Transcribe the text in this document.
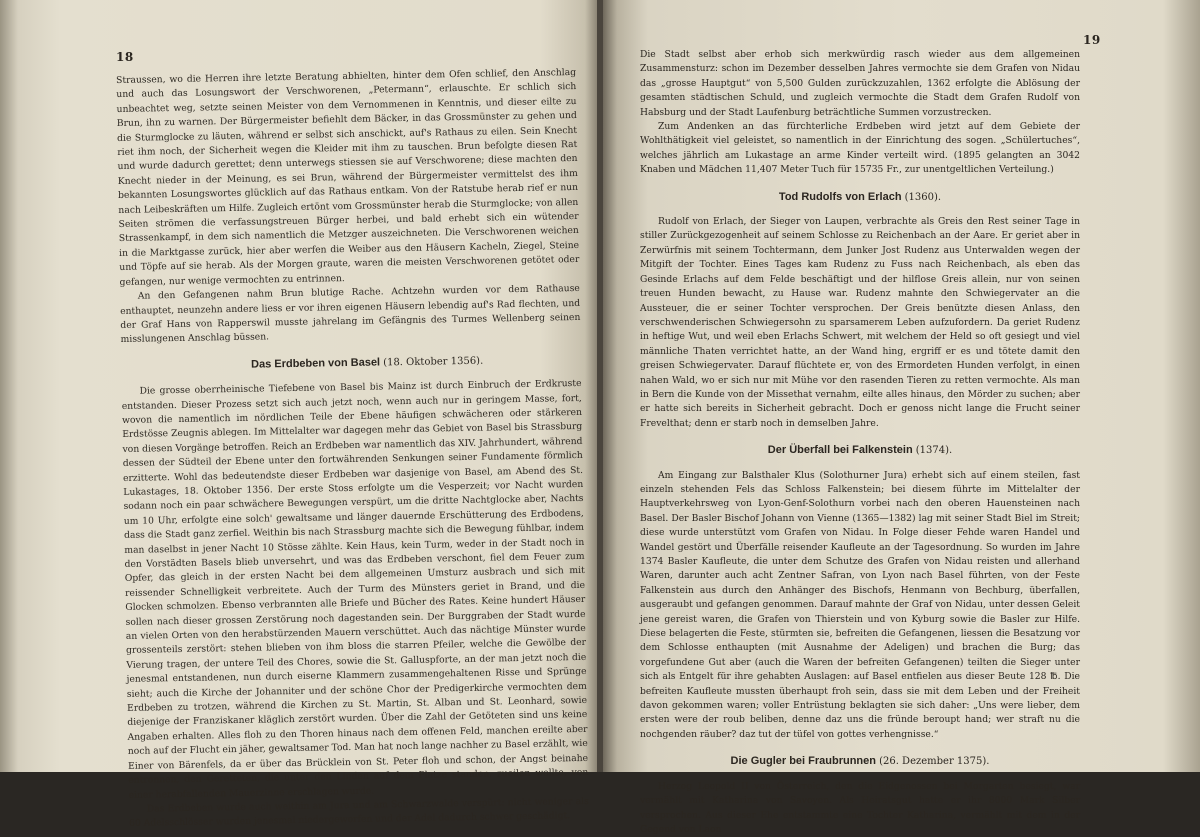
18

Straussen, wo die Herren ihre letzte Beratung abhielten, hinter dem Ofen schlief, den Anschlag und auch das Losungswort der Verschworenen, „Petermann“, erlauschte. Er schlich sich unbeachtet weg, setzte seinen Meister von dem Vernommenen in Kenntnis, und dieser eilte zu Brun, ihn zu warnen. Der Bürgermeister befiehlt dem Bäcker, in das Grossmünster zu gehen und die Sturmglocke zu läuten, während er selbst sich anschickt, auf's Rathaus zu eilen. Sein Knecht riet ihm noch, der Sicherheit wegen die Kleider mit ihm zu tauschen. Brun befolgte diesen Rat und wurde dadurch gerettet; denn unterwegs stiessen sie auf Verschworene; diese machten den Knecht nieder in der Meinung, es sei Brun, während der Bürgermeister vermittelst des ihm bekannten Losungswortes glücklich auf das Rathaus entkam. Von der Ratstube herab rief er nun nach Leibeskräften um Hilfe. Zugleich ertönt vom Grossmünster herab die Sturmglocke; von allen Seiten strömen die verfassungstreuen Bürger herbei, und bald erhebt sich ein wütender Strassenkampf, in dem sich namentlich die Metzger auszeichneten. Die Verschworenen weichen in die Marktgasse zurück, hier aber werfen die Weiber aus den Häusern Kacheln, Ziegel, Steine und Töpfe auf sie herab. Als der Morgen graute, waren die meisten Verschworenen getötet oder gefangen, nur wenige vermochten zu entrinnen.

An den Gefangenen nahm Brun blutige Rache. Achtzehn wurden vor dem Rathause enthauptet, neunzehn andere liess er vor ihren eigenen Häusern lebendig auf's Rad flechten, und der Graf Hans von Rapperswil musste jahrelang im Gefängnis des Turmes Wellenberg seinen misslungenen Anschlag büssen.

Das Erdbeben von Basel (18. Oktober 1356).

Die grosse oberrheinische Tiefebene von Basel bis Mainz ist durch Einbruch der Erdkruste entstanden. Dieser Prozess setzt sich auch jetzt noch, wenn auch nur in geringem Masse, fort, wovon die namentlich im nördlichen Teile der Ebene häufigen schwächeren oder stärkeren Erdstösse Zeugnis ablegen. Im Mittelalter war dagegen mehr das Gebiet von Basel bis Strassburg von diesen Vorgänge betroffen. Reich an Erdbeben war namentlich das XIV. Jahrhundert, während dessen der Südteil der Ebene unter den fortwährenden Senkungen seiner Fundamente förmlich erzitterte. Wohl das bedeutendste dieser Erdbeben war dasjenige von Basel, am Abend des St. Lukastages, 18. Oktober 1356. Der erste Stoss erfolgte um die Vesperzeit; vor Nacht wurden sodann noch ein paar schwächere Bewegungen verspürt, um die dritte Nachtglocke aber, Nachts um 10 Uhr, erfolgte eine solch' gewaltsame und länger dauernde Erschütterung des Erdbodens, dass die Stadt ganz zerfiel. Weithin bis nach Strassburg machte sich die Bewegung fühlbar, indem man daselbst in jener Nacht 10 Stösse zählte. Kein Haus, kein Turm, weder in der Stadt noch in den Vorstädten Basels blieb unversehrt, und was das Erdbeben verschont, fiel dem Feuer zum Opfer, das gleich in der ersten Nacht bei dem allgemeinen Umsturz ausbrach und sich mit reissender Schnelligkeit verbreitete. Auch der Turm des Münsters geriet in Brand, und die Glocken schmolzen. Ebenso verbrannten alle Briefe und Bücher des Rates. Keine hundert Häuser sollen nach dieser grossen Zerstörung noch dagestanden sein. Der Burggraben der Stadt wurde an vielen Orten von den herabstürzenden Mauern verschüttet. Auch das nächtige Münster wurde grossenteils zerstört: stehen blieben von ihm bloss die starren Pfeiler, welche die Gewölbe der Vierung tragen, der untere Teil des Chores, sowie die St. Galluspforte, an der man jetzt noch die jenesmal entstandenen, nun durch eiserne Klammern zusammengehaltenen Risse und Sprünge sieht; auch die Kirche der Johanniter und der schöne Chor der Predigerkirche vermochten dem Erdbeben zu trotzen, während die Kirchen zu St. Martin, St. Alban und St. Leonhard, sowie diejenige der Franziskaner kläglich zerstört wurden. Über die Zahl der Getöteten sind uns keine Angaben erhalten. Alles floh zu den Thoren hinaus nach dem offenen Feld, manchen ereilte aber noch auf der Flucht ein jäher, gewaltsamer Tod. Man hat noch lange nachher zu Basel erzählt, wie Einer von Bärenfels, da er über das Brücklein von St. Peter floh und schon, der Angst beinahe entronnen, den Geretteten, die unter den Linden auf dem Platze standen, zueilen wollte, von einer herabfallenden Mauerzinne erschlagen wurde.

Das Erdbeben wurde auch weithin am Jura und am Schwarzwalde verspürt: nicht weniger als 60 Adelsschlösser wurden jenesmal niedergeworfen und der Adel dadurch schwer geschädigt.

19

Die Stadt selbst aber erhob sich merkwürdig rasch wieder aus dem allgemeinen Zusammensturz: schon im Dezember desselben Jahres vermochte sie dem Grafen von Nidau das „grosse Hauptgut“ von 5,500 Gulden zurückzuzahlen, 1362 erfolgte die Ablösung der gesamten städtischen Schuld, und zugleich vermochte die Stadt dem Grafen Rudolf von Habsburg und der Stadt Laufenburg beträchtliche Summen vorzustrecken.

Zum Andenken an das fürchterliche Erdbeben wird jetzt auf dem Gebiete der Wohlthätigkeit viel geleistet, so namentlich in der Einrichtung des sogen. „Schülertuches“, welches jährlich am Lukastage an arme Kinder verteilt wird. (1895 gelangten an 3042 Knaben und Mädchen 11,407 Meter Tuch für 15735 Fr., zur unentgeltlichen Verteilung.)

Tod Rudolfs von Erlach (1360).

Rudolf von Erlach, der Sieger von Laupen, verbrachte als Greis den Rest seiner Tage in stiller Zurückgezogenheit auf seinem Schlosse zu Reichenbach an der Aare. Er geriet aber in Zerwürfnis mit seinem Tochtermann, dem Junker Jost Rudenz aus Unterwalden wegen der Mitgift der Tochter. Eines Tages kam Rudenz zu Fuss nach Reichenbach, als eben das Gesinde Erlachs auf dem Felde beschäftigt und der hilflose Greis allein, nur von seinen treuen Hunden bewacht, zu Hause war. Rudenz mahnte den Schwiegervater an die Aussteuer, die er seiner Tochter versprochen. Der Greis benützte diesen Anlass, den verschwenderischen Schwiegersohn zu sparsamerem Leben aufzufordern. Da geriet Rudenz in heftige Wut, und weil eben Erlachs Schwert, mit welchem der Held so oft gesiegt und viel männliche Thaten verrichtet hatte, an der Wand hing, ergriff er es und tötete damit den greisen Schwiegervater. Darauf flüchtete er, von des Ermordeten Hunden verfolgt, in einen nahen Wald, wo er sich nur mit Mühe vor den rasenden Tieren zu retten vermochte. Als man in Bern die Kunde von der Missethat vernahm, eilte alles hinaus, den Mörder zu suchen; aber er hatte sich bereits in Sicherheit gebracht. Doch er genoss nicht lange die Frucht seiner Frevelthat; denn er starb noch in demselben Jahre.

Der Überfall bei Falkenstein (1374).

Am Eingang zur Balsthaler Klus (Solothurner Jura) erhebt sich auf einem steilen, fast einzeln stehenden Fels das Schloss Falkenstein; bei diesem führte im Mittelalter der Hauptverkehrsweg von Lyon-Genf-Solothurn vorbei nach den oberen Hauensteinen nach Basel. Der Basler Bischof Johann von Vienne (1365—1382) lag mit seiner Stadt Biel im Streit; diese wurde unterstützt vom Grafen von Nidau. In Folge dieser Fehde waren Handel und Wandel gestört und Überfälle reisender Kaufleute an der Tagesordnung. So wurden im Jahre 1374 Basler Kaufleute, die unter dem Schutze des Grafen von Nidau reisten und allerhand Waren, darunter auch acht Zentner Safran, von Lyon nach Basel führten, von der Feste Falkenstein aus durch den Anhänger des Bischofs, Henmann von Bechburg, überfallen, ausgeraubt und gefangen genommen. Darauf mahnte der Graf von Nidau, unter dessen Geleit jene gereist waren, die Grafen von Thierstein und von Kyburg sowie die Basler zur Hilfe. Diese belagerten die Feste, stürmten sie, befreiten die Gefangenen, liessen die Besatzung vor dem Schlosse enthaupten (mit Ausnahme der Adeligen) und brachen die Burg; das vorgefundene Gut aber (auch die Waren der befreiten Gefangenen) teilten die Sieger unter sich als Entgelt für ihre gehabten Auslagen: auf Basel entfielen aus dieser Beute 128 ℔. Die befreiten Kaufleute mussten überhaupt froh sein, dass sie mit dem Leben und der Freiheit davon gekommen waren; voller Entrüstung beklagten sie sich daher: „Uns were lieber, dem ersten were der roub beliben, denne daz uns die fründe beroupt hand; wer straft nu die nochgenden räuber? daz tut der tüfel von gottes verhengnisse.“

Die Gugler bei Fraubrunnen (26. Dezember 1375).

Herzog Leopold II von Österreich, den die Eidgenossen bei Morgarten besiegt, war vermählt mit Katharina von Savoyen. Als Heiratsgut hatte er ihr 8000 Mark Silber versprochen. Aus dieser Ehe entstammte eine Tochter Katharina, vermählt mit dem in der Gegend von Laon
